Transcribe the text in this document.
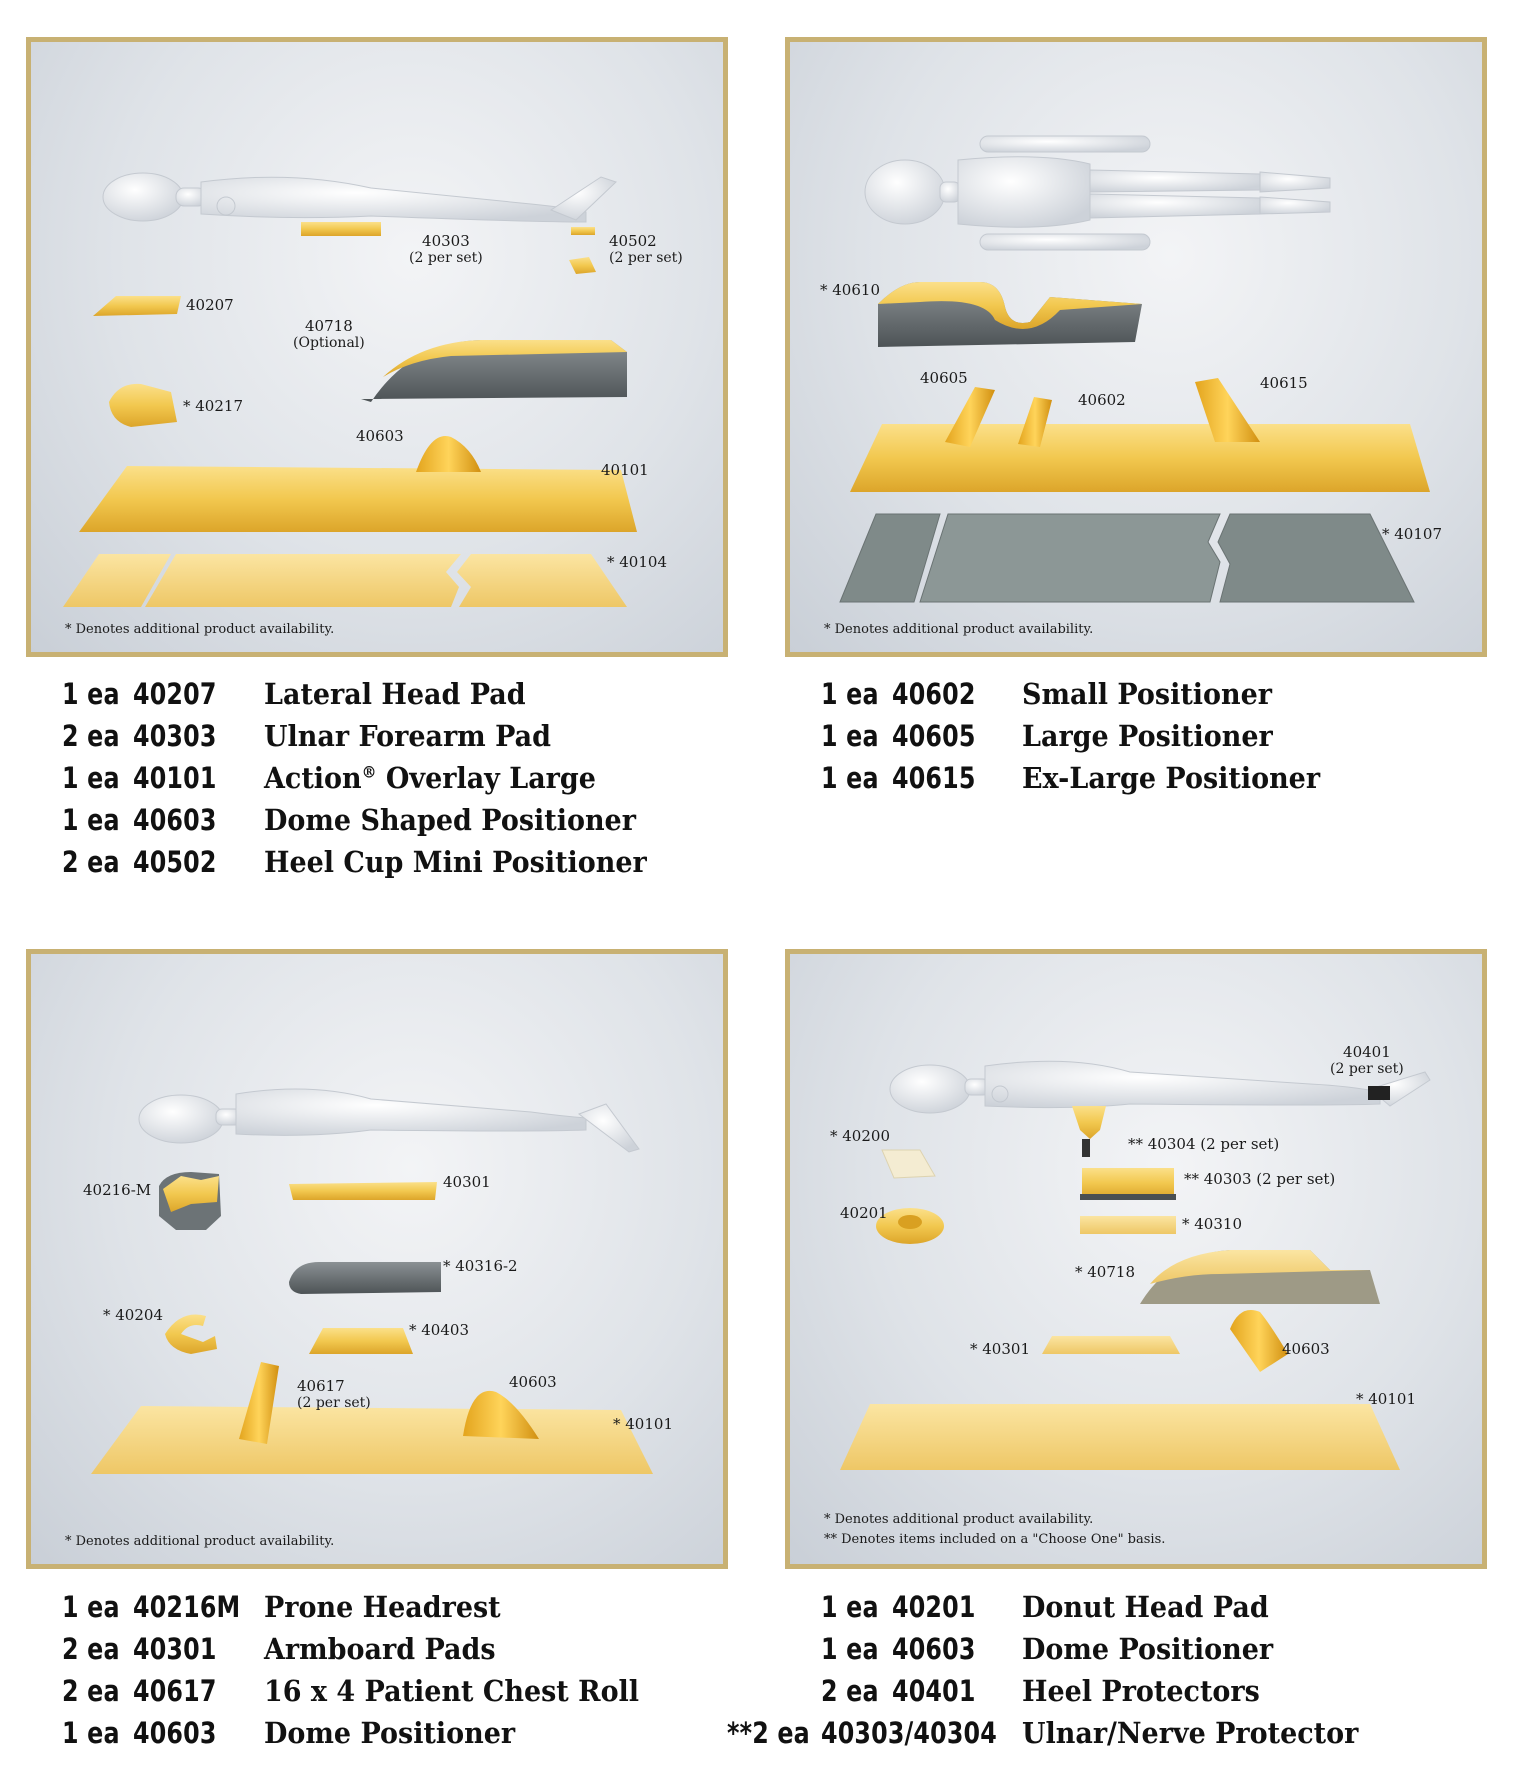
40303
(2 per set)
40502
(2 per set)
40207
40718
(Optional)
* 40217
40603
40101
* 40104
* Denotes additional product availability.
* 40610
40605
40602
40615
* 40107
* Denotes additional product availability.
40216-M	40301
* 40316-2
* 40204
* 40403
40617
(2 per set)
40603
* 40101
* Denotes additional product availability.
40401
(2 per set)
* 40200	** 40304 (2 per set)
** 40303 (2 per set)
40201
* 40310
* 40718
* 40301	40603
* 40101
* Denotes additional product availability.
** Denotes items included on a "Choose One" basis.
1 ea 40207 Lateral Head Pad
2 ea 40303 Ulnar Forearm Pad
1 ea 40101 Action® Overlay Large
1 ea 40603 Dome Shaped Positioner
2 ea 40502 Heel Cup Mini Positioner
1 ea 40602 Small Positioner
1 ea 40605 Large Positioner
1 ea 40615 Ex-Large Positioner
1 ea 40216M Prone Headrest
2 ea 40301 Armboard Pads
2 ea 40617 16 x 4 Patient Chest Roll
1 ea 40603 Dome Positioner
1 ea 40201 Donut Head Pad
1 ea 40603 Dome Positioner
2 ea 40401 Heel Protectors
**2 ea 40303/40304 Ulnar/Nerve Protector
